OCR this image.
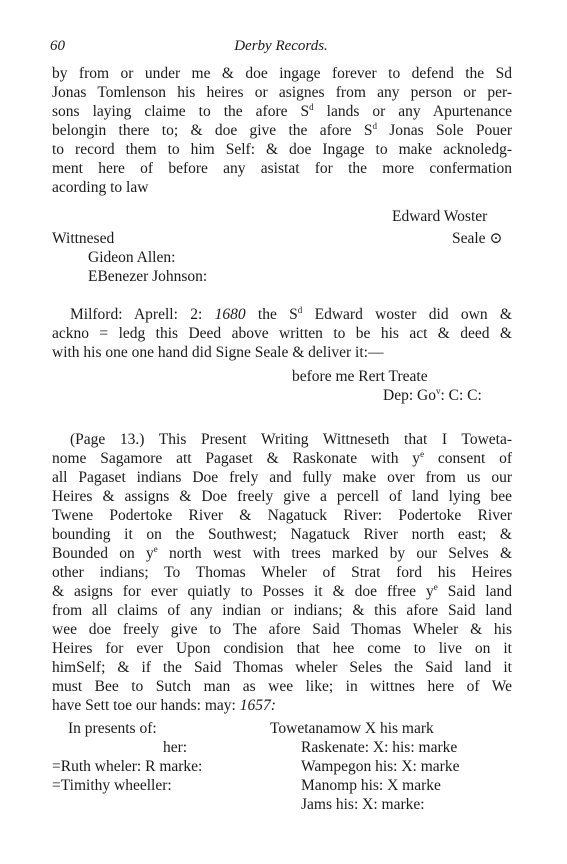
60	Derby Records.
by from or under me & doe ingage forever to defend the Sd
Jonas Tomlenson his heires or asignes from any person or per-
sons laying claime to the afore $S^d$ lands or any Apurtenance
belongin there to; & doe give the afore $S^d$ Jonas Sole Pouer
to record them to him Self: & doe Ingage to make acknoledg-
ment here of before any asistat for the more confermation
acording to law
Edward Woster
Wittnesed	Seale ⊙
Gideon Allen:
EBenezer Johnson:
Milford: Aprell: 2: 1680 the $S^d$ Edward woster did own &
ackno = ledg this Deed above written to be his act & deed &
with his one one hand did Signe Seale & deliver it:—
before me Rert Treate
Dep: Go$^v$: C: C:
(Page 13.) This Present Writing Wittneseth that I Toweta-
nome Sagamore att Pagaset & Raskonate with $y^e$ consent of
all Pagaset indians Doe frely and fully make over from us our
Heires & assigns & Doe freely give a percell of land lying bee
Twene Podertoke River & Nagatuck River: Podertoke River
bounding it on the Southwest; Nagatuck River north east; &
Bounded on $y^e$ north west with trees marked by our Selves &
other indians; To Thomas Wheler of Strat ford his Heires
& asigns for ever quiatly to Posses it & doe ffree $y^e$ Said land
from all claims of any indian or indians; & this afore Said land
wee doe freely give to The afore Said Thomas Wheler & his
Heires for ever Upon condision that hee come to live on it
himSelf; & if the Said Thomas wheler Seles the Said land it
must Bee to Sutch man as wee like; in wittnes here of We
have Sett toe our hands: may: 1657:
In presents of:	Towetanamow X his mark
her:	Raskenate: X: his: marke
=Ruth wheler: R marke:	Wampegon his: X: marke
=Timithy wheeller:	Manomp his: X marke
Jams his: X: marke:
